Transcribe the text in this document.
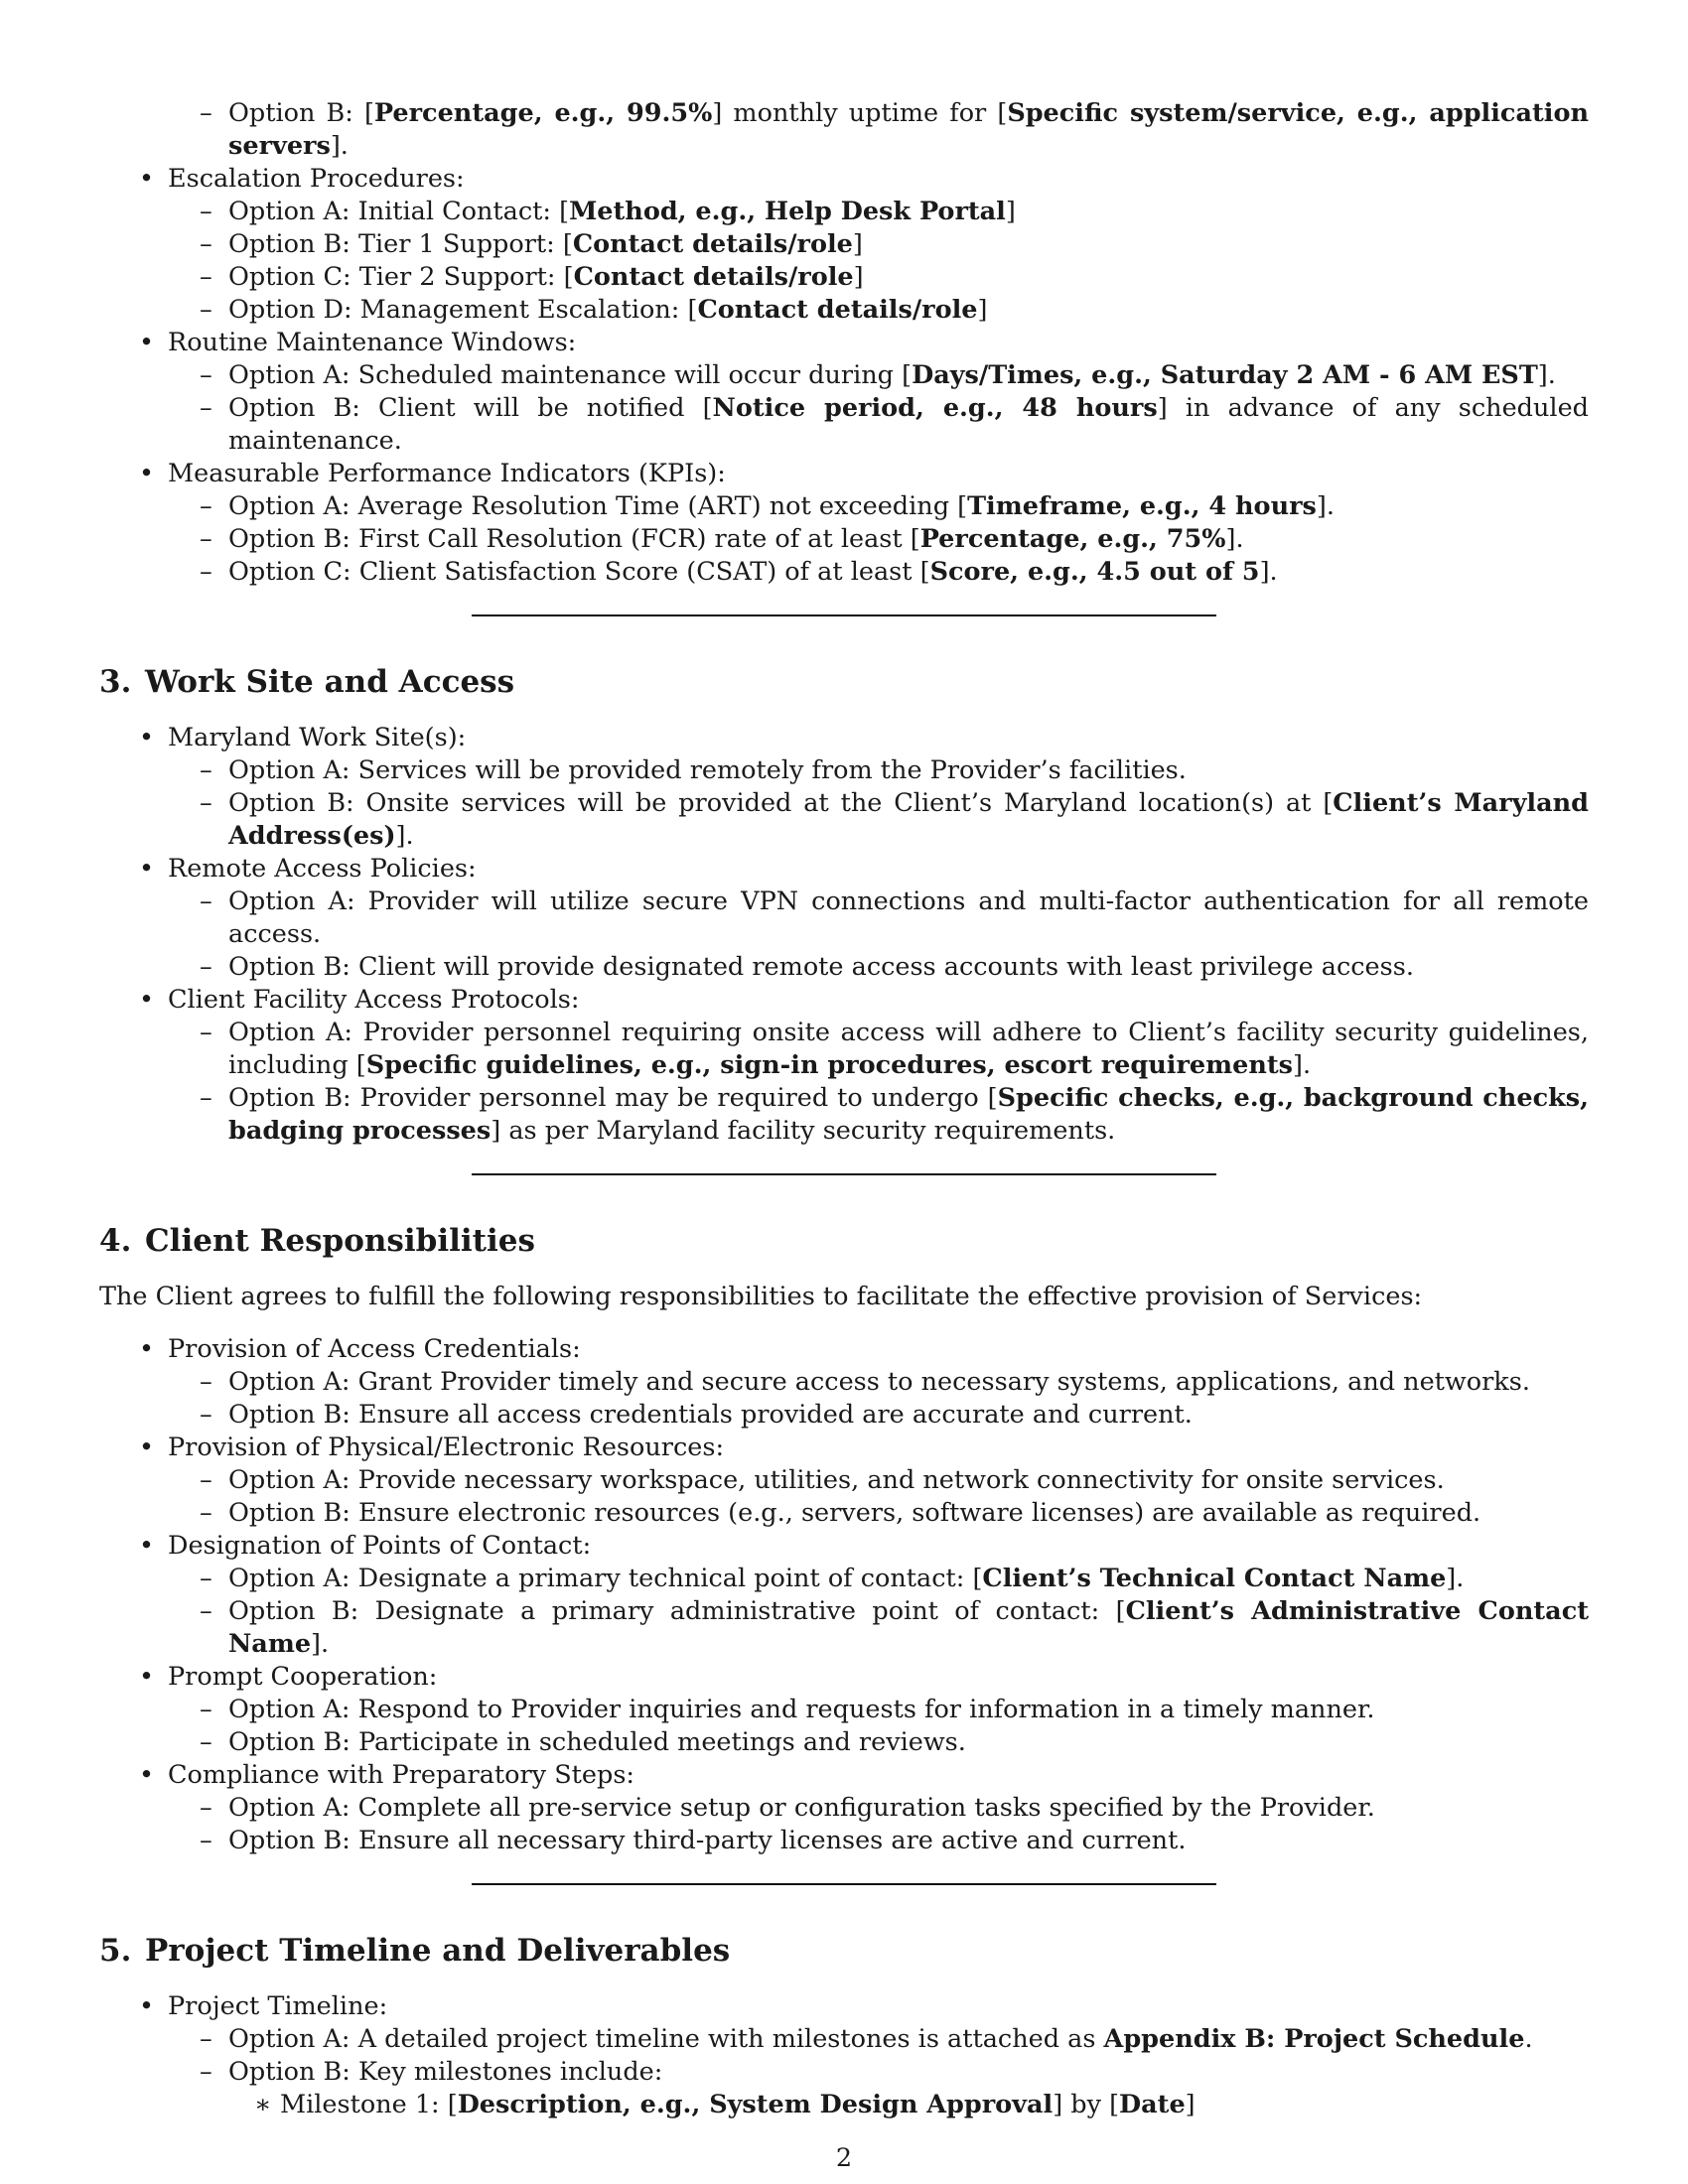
– Option B: [Percentage, e.g., 99.5%] monthly uptime for [Specific system/service, e.g., application servers].

• Escalation Procedures:

– Option A: Initial Contact: [Method, e.g., Help Desk Portal]

– Option B: Tier 1 Support: [Contact details/role]

– Option C: Tier 2 Support: [Contact details/role]

– Option D: Management Escalation: [Contact details/role]

• Routine Maintenance Windows:

– Option A: Scheduled maintenance will occur during [Days/Times, e.g., Saturday 2 AM - 6 AM EST].

– Option B: Client will be notified [Notice period, e.g., 48 hours] in advance of any scheduled maintenance.

• Measurable Performance Indicators (KPIs):

– Option A: Average Resolution Time (ART) not exceeding [Timeframe, e.g., 4 hours].

– Option B: First Call Resolution (FCR) rate of at least [Percentage, e.g., 75%].

– Option C: Client Satisfaction Score (CSAT) of at least [Score, e.g., 4.5 out of 5].

3. Work Site and Access

• Maryland Work Site(s):

– Option A: Services will be provided remotely from the Provider’s facilities.

– Option B: Onsite services will be provided at the Client’s Maryland location(s) at [Client’s Maryland Address(es)].

• Remote Access Policies:

– Option A: Provider will utilize secure VPN connections and multi-factor authentication for all remote access.

– Option B: Client will provide designated remote access accounts with least privilege access.

• Client Facility Access Protocols:

– Option A: Provider personnel requiring onsite access will adhere to Client’s facility security guidelines, including [Specific guidelines, e.g., sign-in procedures, escort requirements].

– Option B: Provider personnel may be required to undergo [Specific checks, e.g., background checks, badging processes] as per Maryland facility security requirements.

4. Client Responsibilities

The Client agrees to fulfill the following responsibilities to facilitate the effective provision of Services:

• Provision of Access Credentials:

– Option A: Grant Provider timely and secure access to necessary systems, applications, and networks.

– Option B: Ensure all access credentials provided are accurate and current.

• Provision of Physical/Electronic Resources:

– Option A: Provide necessary workspace, utilities, and network connectivity for onsite services.

– Option B: Ensure electronic resources (e.g., servers, software licenses) are available as required.

• Designation of Points of Contact:

– Option A: Designate a primary technical point of contact: [Client’s Technical Contact Name].

– Option B: Designate a primary administrative point of contact: [Client’s Administrative Contact Name].

• Prompt Cooperation:

– Option A: Respond to Provider inquiries and requests for information in a timely manner.

– Option B: Participate in scheduled meetings and reviews.

• Compliance with Preparatory Steps:

– Option A: Complete all pre-service setup or configuration tasks specified by the Provider.

– Option B: Ensure all necessary third-party licenses are active and current.

5. Project Timeline and Deliverables

• Project Timeline:

– Option A: A detailed project timeline with milestones is attached as Appendix B: Project Schedule.

– Option B: Key milestones include:

∗ Milestone 1: [Description, e.g., System Design Approval] by [Date]

2
